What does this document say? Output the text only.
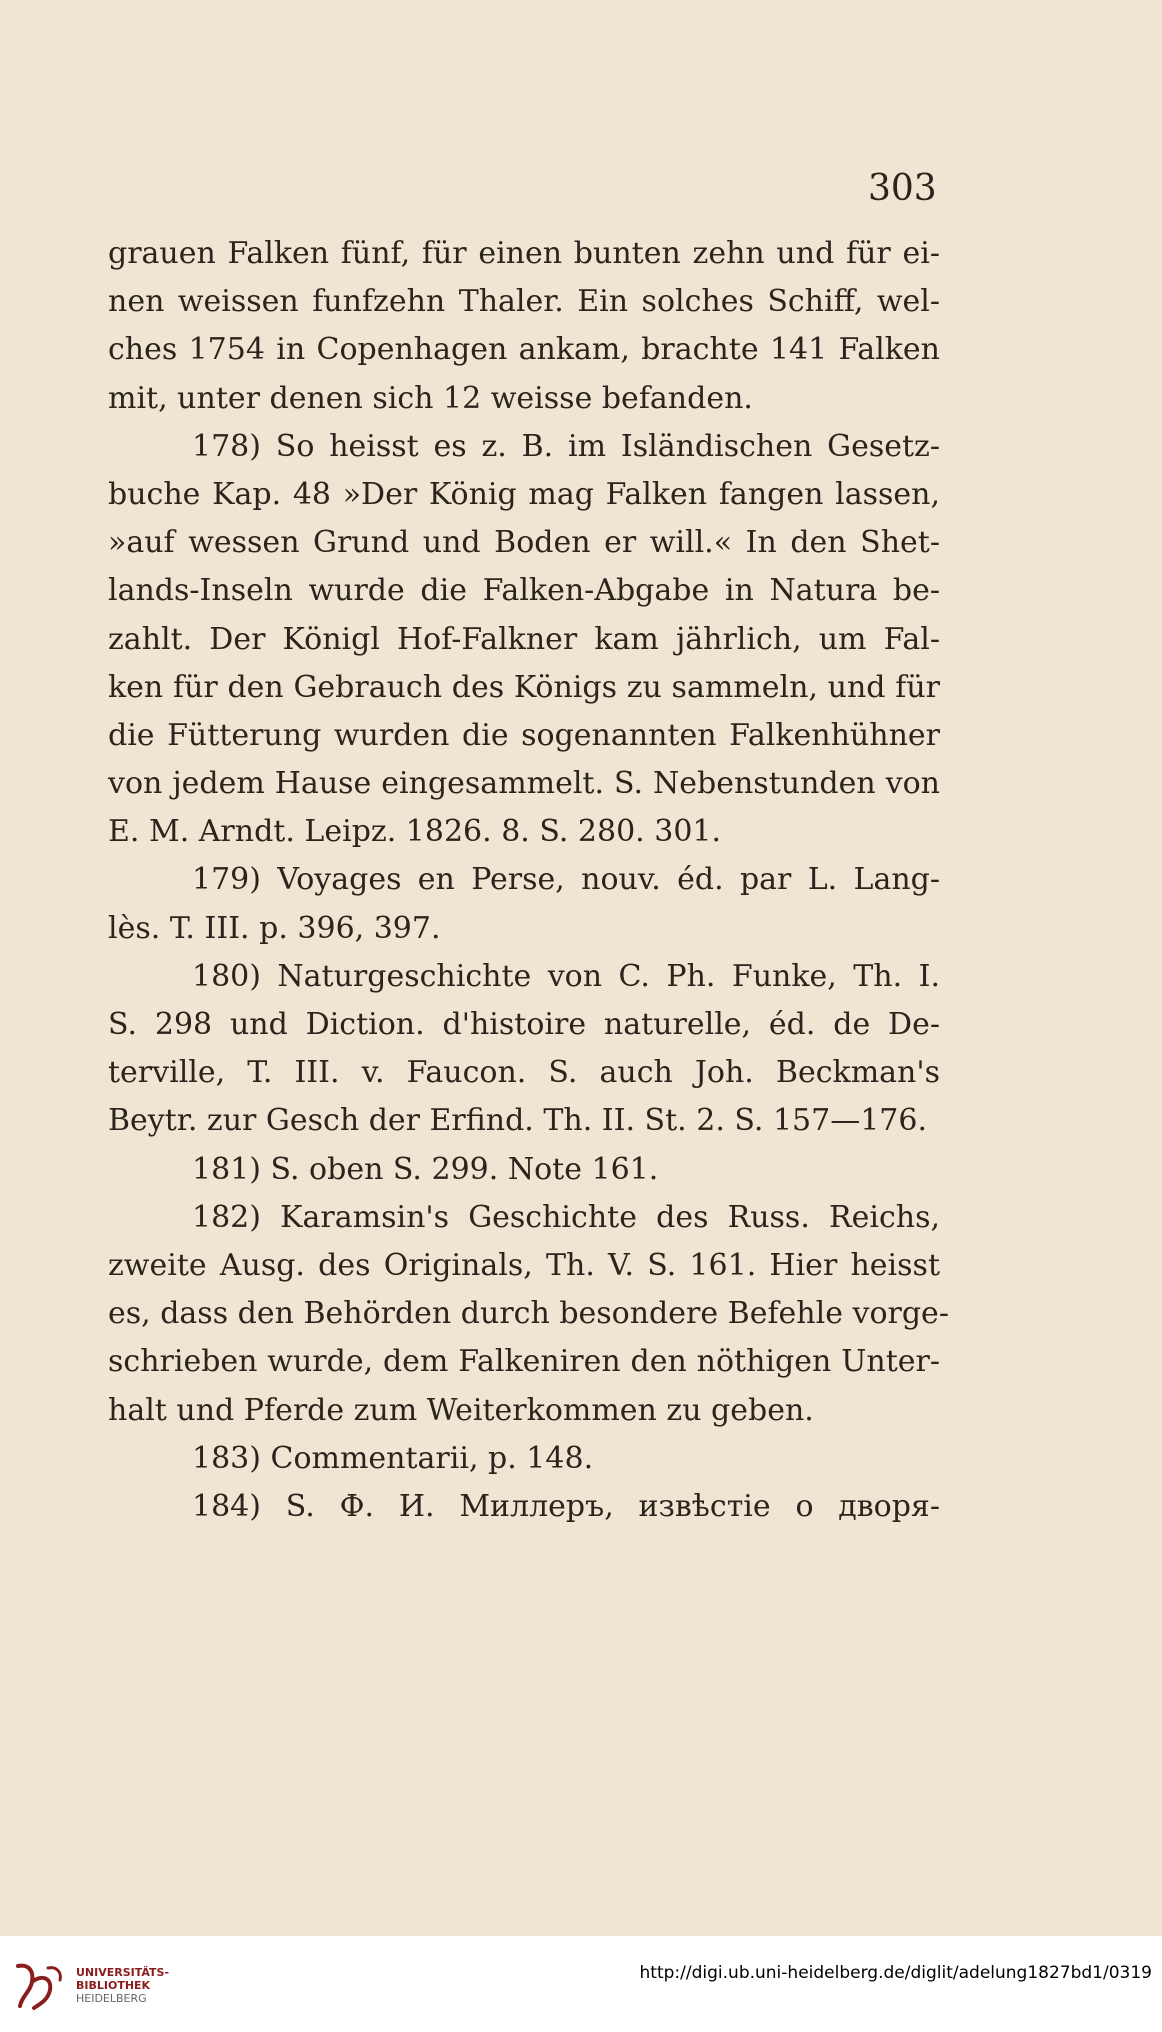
303
grauen Falken fünf, für einen bunten zehn und für ei-
nen weissen funfzehn Thaler. Ein solches Schiff, wel-
ches 1754 in Copenhagen ankam, brachte 141 Falken
mit, unter denen sich 12 weisse befanden.
178) So heisst es z. B. im Isländischen Gesetz-
buche Kap. 48 »Der König mag Falken fangen lassen,
»auf wessen Grund und Boden er will.« In den Shet-
lands-Inseln wurde die Falken-Abgabe in Natura be-
zahlt. Der Königl Hof-Falkner kam jährlich, um Fal-
ken für den Gebrauch des Königs zu sammeln, und für
die Fütterung wurden die sogenannten Falkenhühner
von jedem Hause eingesammelt. S. Nebenstunden von
E. M. Arndt. Leipz. 1826. 8. S. 280. 301.
179) Voyages en Perse, nouv. éd. par L. Lang-
lès. T. III. p. 396, 397.
180) Naturgeschichte von C. Ph. Funke, Th. I.
S. 298 und Diction. d'histoire naturelle, éd. de De-
terville, T. III. v. Faucon. S. auch Joh. Beckman's
Beytr. zur Gesch der Erfind. Th. II. St. 2. S. 157—176.
181) S. oben S. 299. Note 161.
182) Karamsin's Geschichte des Russ. Reichs,
zweite Ausg. des Originals, Th. V. S. 161. Hier heisst
es, dass den Behörden durch besondere Befehle vorge-
schrieben wurde, dem Falkeniren den nöthigen Unter-
halt und Pferde zum Weiterkommen zu geben.
183) Commentarii, p. 148.
184) S. Ф. И. Миллеръ, извѣстіе о дворя-
UNIVERSITÄTS-
BIBLIOTHEK
HEIDELBERG
http://digi.ub.uni-heidelberg.de/diglit/adelung1827bd1/0319
